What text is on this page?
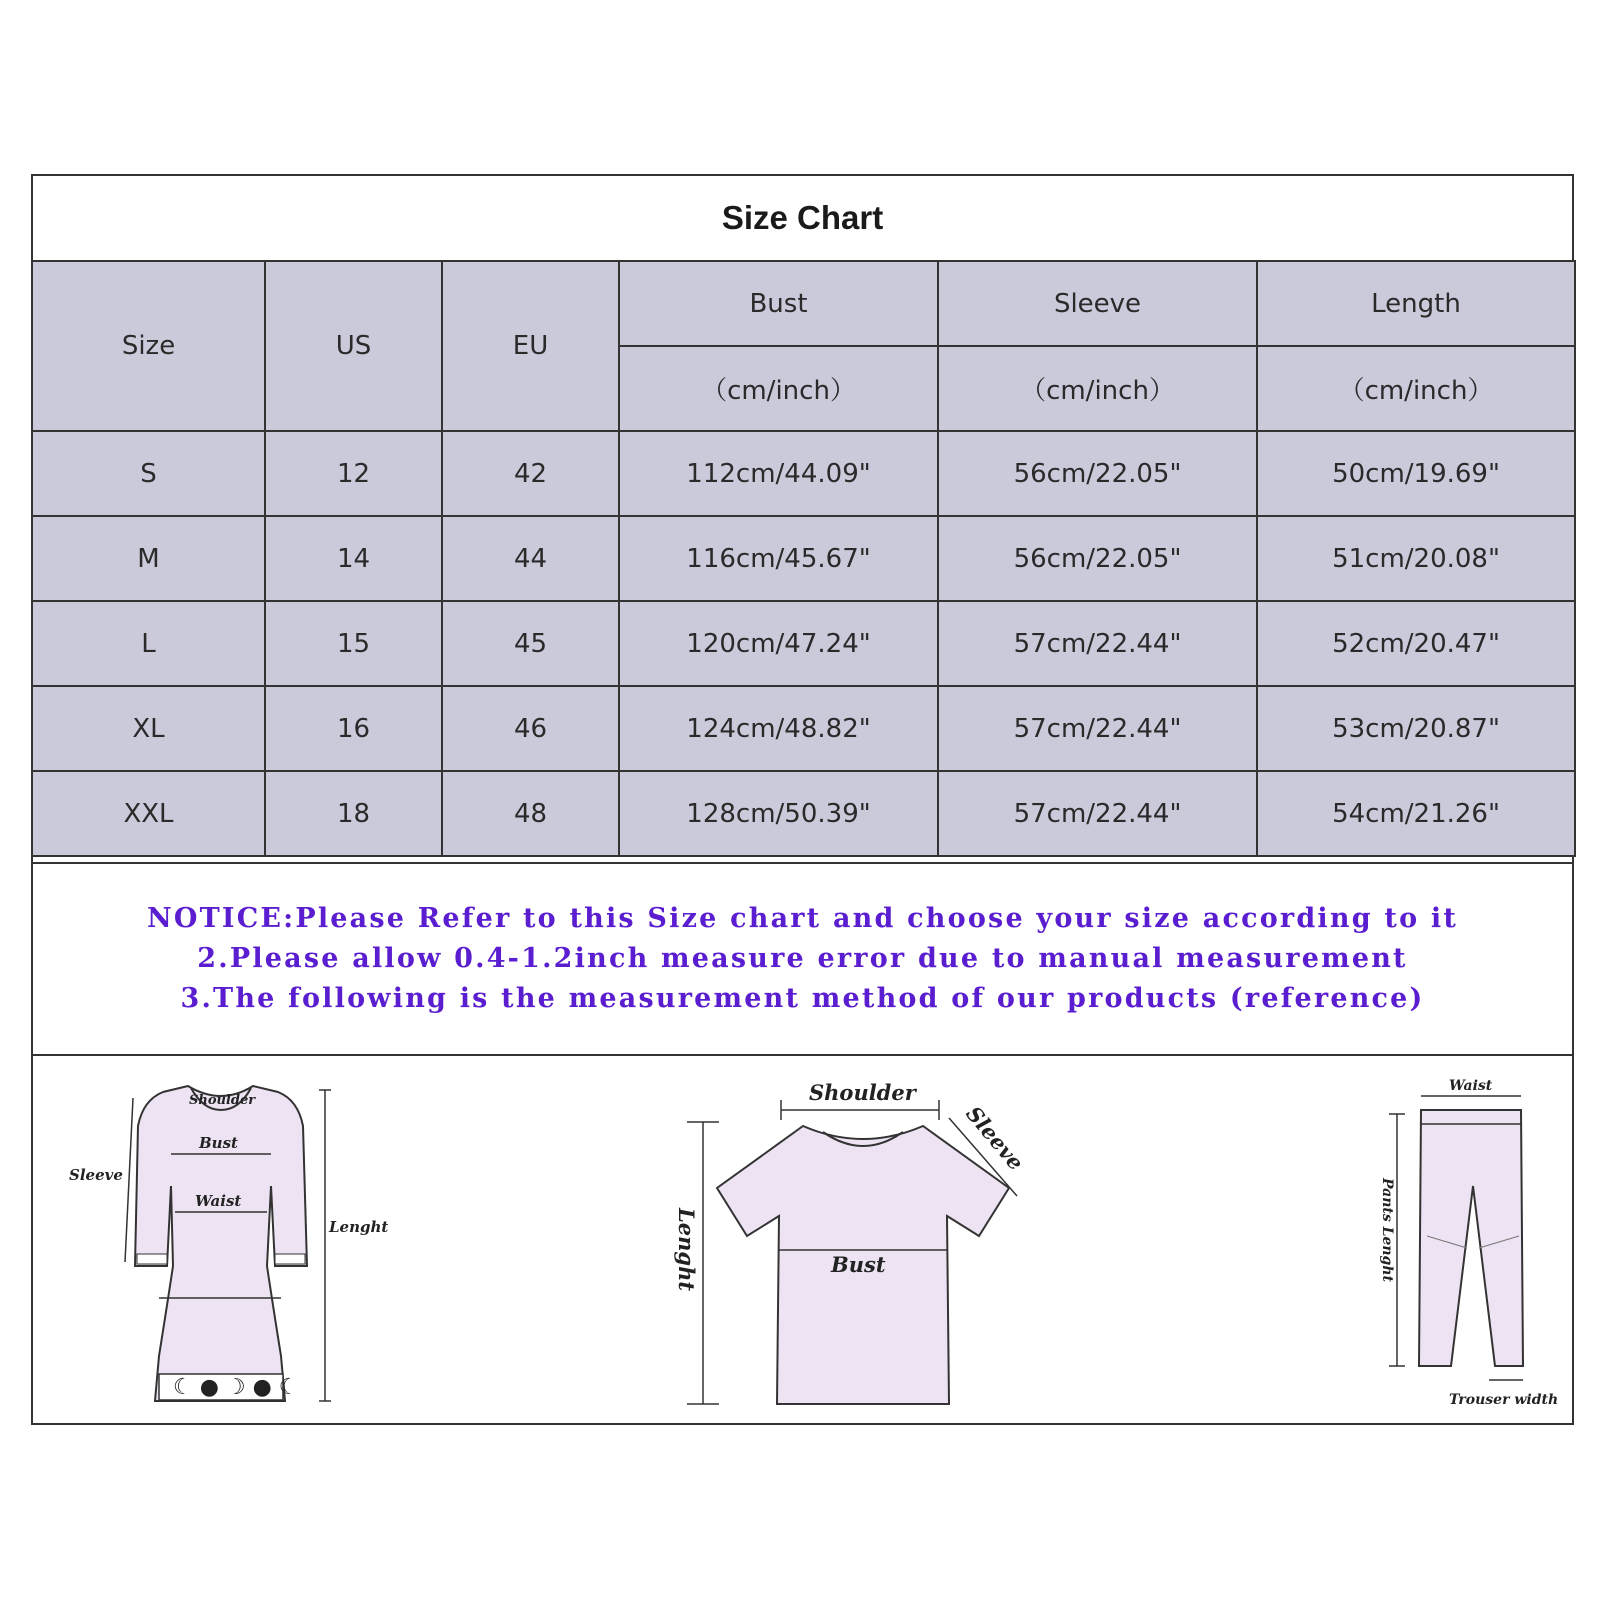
Size Chart
Size	US	EU	Bust	Sleeve	Length
			（cm/inch）	（cm/inch）	（cm/inch）
S	12	42	112cm/44.09"	56cm/22.05"	50cm/19.69"
M	14	44	116cm/45.67"	56cm/22.05"	51cm/20.08"
L	15	45	120cm/47.24"	57cm/22.44"	52cm/20.47"
XL	16	46	124cm/48.82"	57cm/22.44"	53cm/20.87"
XXL	18	48	128cm/50.39"	57cm/22.44"	54cm/21.26"
NOTICE:Please Refer to this Size chart and choose your size according to it
2.Please allow 0.4-1.2inch measure error due to manual measurement
3.The following is the measurement method of our products (reference)
☾ ● ☽ ● ☾
Shoulder
Bust
Waist
Sleeve
Lenght
Shoulder
Sleeve
Bust
Lenght
Waist
Pants Lenght
Trouser width
